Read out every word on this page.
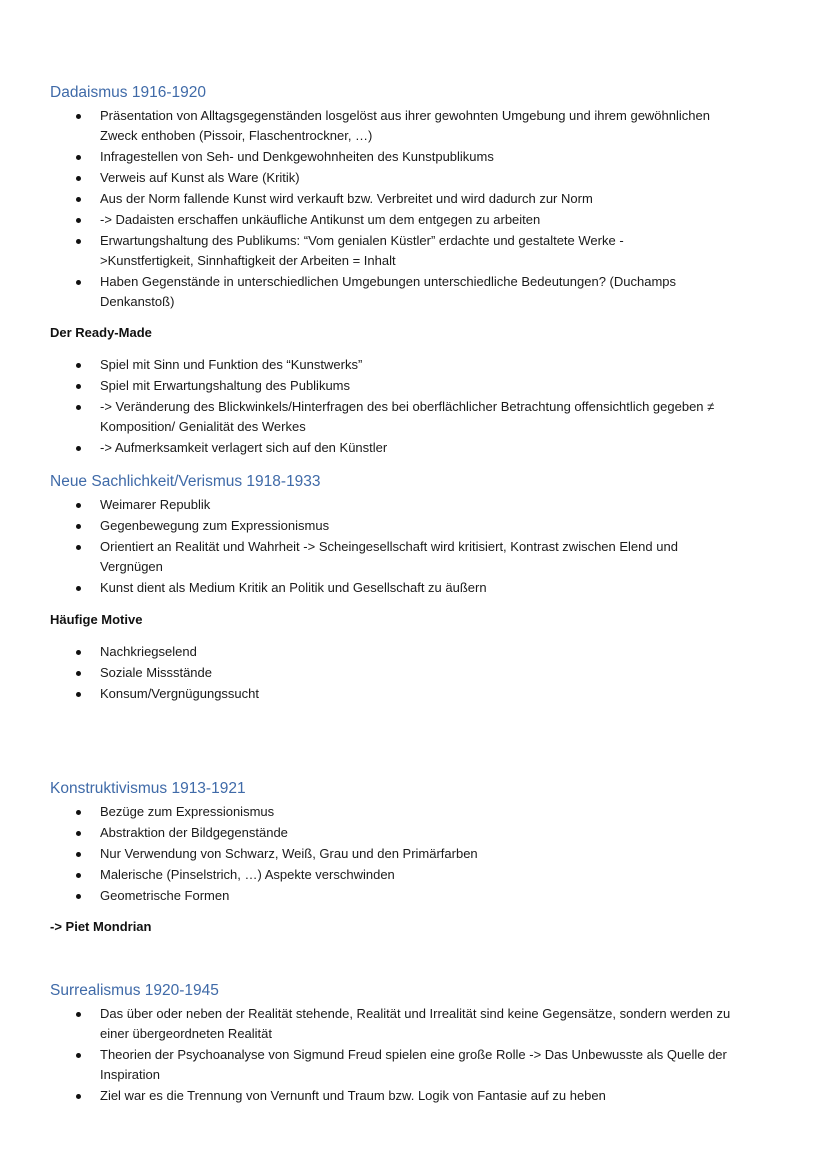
Dadaismus 1916-1920
Präsentation von Alltagsgegenständen losgelöst aus ihrer gewohnten Umgebung und ihrem gewöhnlichen
Zweck enthoben (Pissoir, Flaschentrockner, …)
Infragestellen von Seh- und Denkgewohnheiten des Kunstpublikums
Verweis auf Kunst als Ware (Kritik)
Aus der Norm fallende Kunst wird verkauft bzw. Verbreitet und wird dadurch zur Norm
-> Dadaisten erschaffen unkäufliche Antikunst um dem entgegen zu arbeiten
Erwartungshaltung des Publikums: “Vom genialen Küstler” erdachte und gestaltete Werke -
>Kunstfertigkeit, Sinnhaftigkeit der Arbeiten = Inhalt
Haben Gegenstände in unterschiedlichen Umgebungen unterschiedliche Bedeutungen? (Duchamps
Denkanstoß)
Der Ready-Made
Spiel mit Sinn und Funktion des “Kunstwerks”
Spiel mit Erwartungshaltung des Publikums
-> Veränderung des Blickwinkels/Hinterfragen des bei oberflächlicher Betrachtung offensichtlich gegeben ≠
Komposition/ Genialität des Werkes
-> Aufmerksamkeit verlagert sich auf den Künstler
Neue Sachlichkeit/Verismus 1918-1933
Weimarer Republik
Gegenbewegung zum Expressionismus
Orientiert an Realität und Wahrheit -> Scheingesellschaft wird kritisiert, Kontrast zwischen Elend und
Vergnügen
Kunst dient als Medium Kritik an Politik und Gesellschaft zu äußern
Häufige Motive
Nachkriegselend
Soziale Missstände
Konsum/Vergnügungssucht
Konstruktivismus 1913-1921
Bezüge zum Expressionismus
Abstraktion der Bildgegenstände
Nur Verwendung von Schwarz, Weiß, Grau und den Primärfarben
Malerische (Pinselstrich, …) Aspekte verschwinden
Geometrische Formen
-> Piet Mondrian
Surrealismus 1920-1945
Das über oder neben der Realität stehende, Realität und Irrealität sind keine Gegensätze, sondern werden zu
einer übergeordneten Realität
Theorien der Psychoanalyse von Sigmund Freud spielen eine große Rolle -> Das Unbewusste als Quelle der
Inspiration
Ziel war es die Trennung von Vernunft und Traum bzw. Logik von Fantasie auf zu heben
